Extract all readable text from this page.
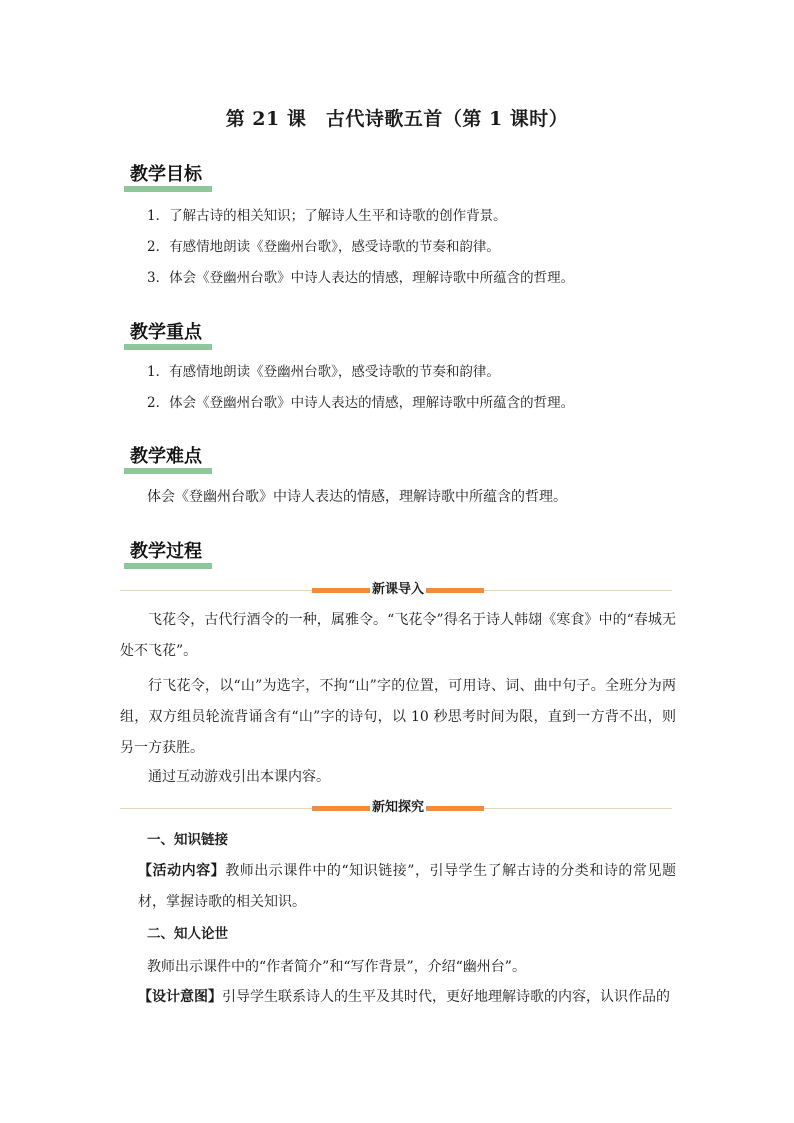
第 21 课　古代诗歌五首（第 1 课时）
教学目标
1．了解古诗的相关知识；了解诗人生平和诗歌的创作背景。
2．有感情地朗读《登幽州台歌》，感受诗歌的节奏和韵律。
3．体会《登幽州台歌》中诗人表达的情感，理解诗歌中所蕴含的哲理。
教学重点
1．有感情地朗读《登幽州台歌》，感受诗歌的节奏和韵律。
2．体会《登幽州台歌》中诗人表达的情感，理解诗歌中所蕴含的哲理。
教学难点
体会《登幽州台歌》中诗人表达的情感，理解诗歌中所蕴含的哲理。
教学过程
新课导入
飞花令，古代行酒令的一种，属雅令。“飞花令”得名于诗人韩翃《寒食》中的“春城无处不飞花”。
行飞花令，以“山”为选字，不拘“山”字的位置，可用诗、词、曲中句子。全班分为两组，双方组员轮流背诵含有“山”字的诗句，以 10 秒思考时间为限，直到一方背不出，则另一方获胜。
通过互动游戏引出本课内容。
新知探究
一、知识链接
【活动内容】教师出示课件中的“知识链接”，引导学生了解古诗的分类和诗的常见题材，掌握诗歌的相关知识。
二、知人论世
教师出示课件中的“作者简介”和“写作背景”，介绍“幽州台”。
【设计意图】引导学生联系诗人的生平及其时代，更好地理解诗歌的内容，认识作品的
